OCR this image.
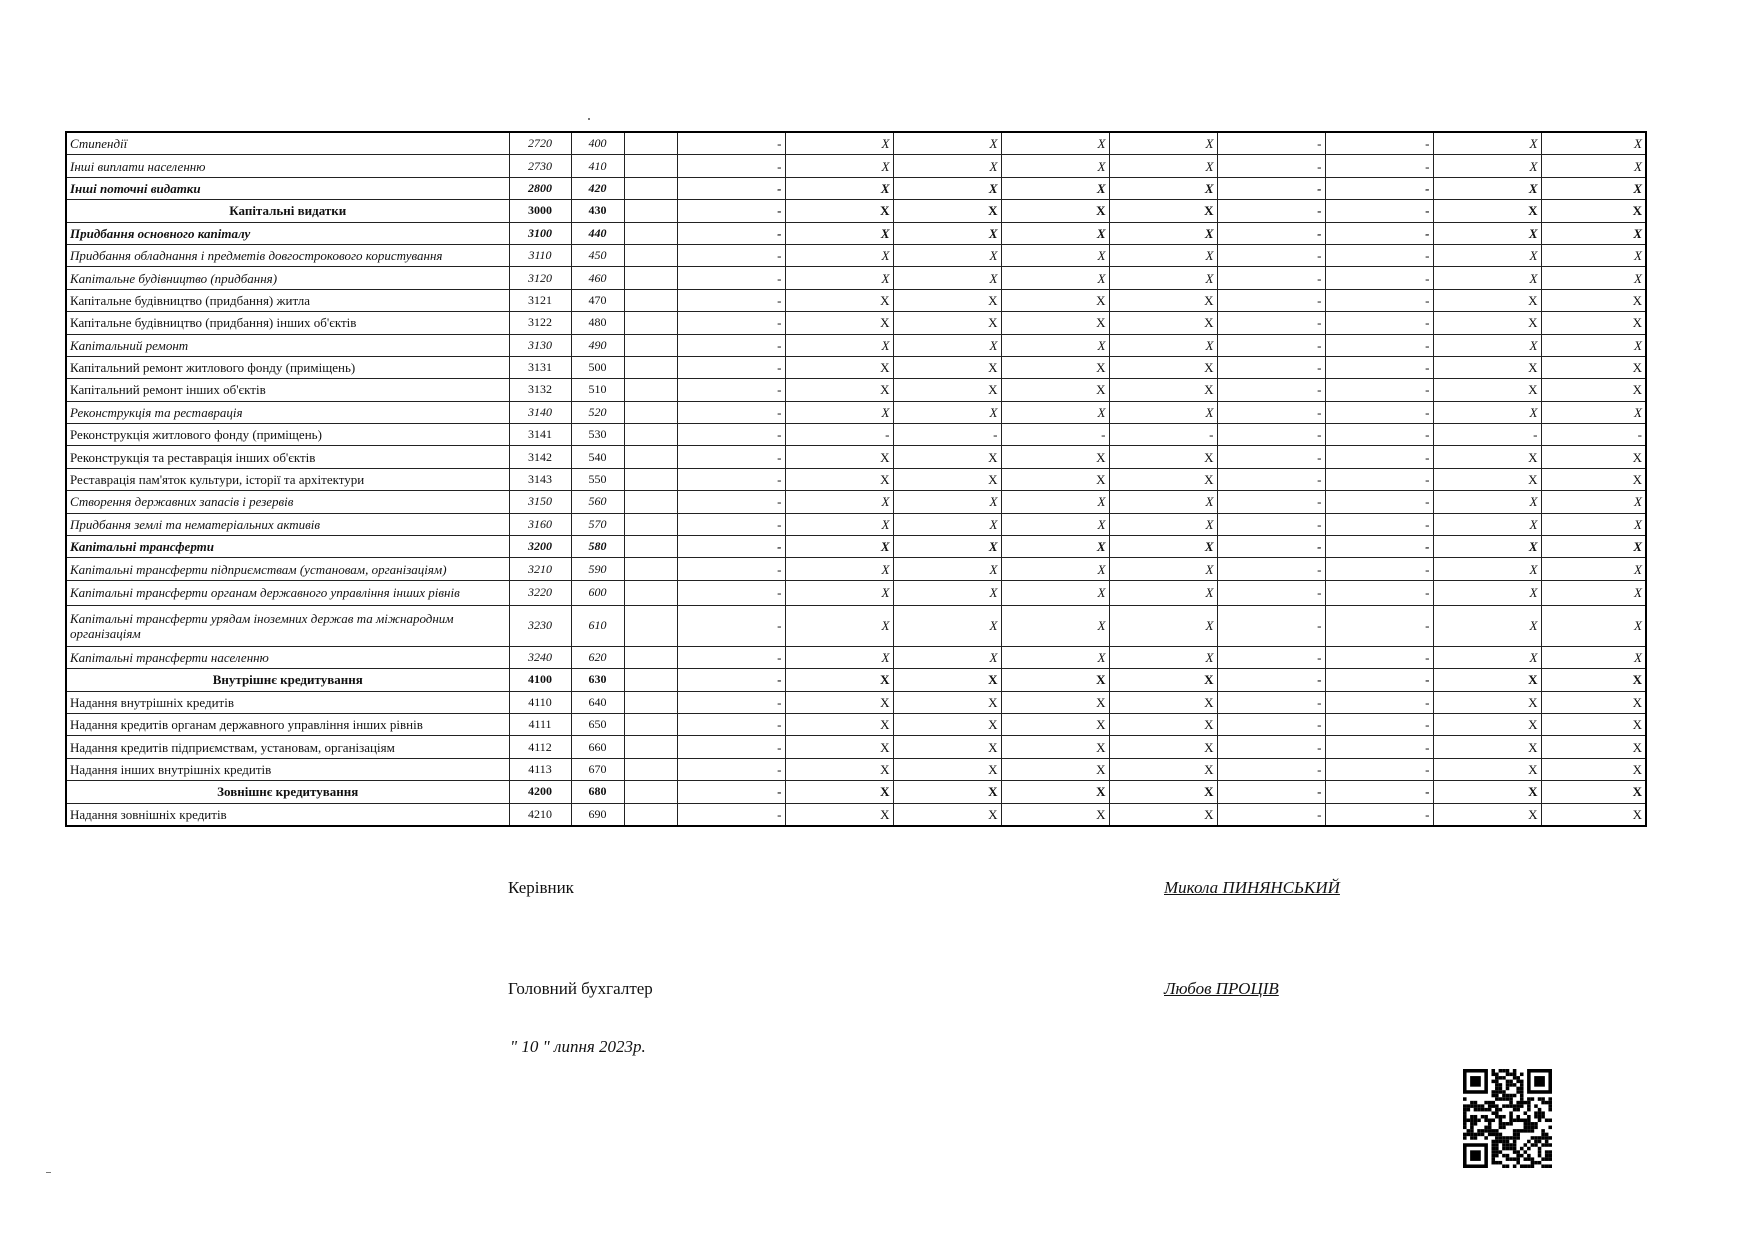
Стипендії	2720	400		-	X	X	X	X	-	-	X	X
Інші виплати населенню	2730	410		-	X	X	X	X	-	-	X	X
Інші поточні видатки	2800	420		-	X	X	X	X	-	-	X	X
Капітальні видатки	3000	430		-	X	X	X	X	-	-	X	X
Придбання основного капіталу	3100	440		-	X	X	X	X	-	-	X	X
Придбання обладнання і предметів довгострокового користування	3110	450		-	X	X	X	X	-	-	X	X
Капітальне будівництво (придбання)	3120	460		-	X	X	X	X	-	-	X	X
Капітальне будівництво (придбання) житла	3121	470		-	X	X	X	X	-	-	X	X
Капітальне будівництво (придбання) інших об'єктів	3122	480		-	X	X	X	X	-	-	X	X
Капітальний ремонт	3130	490		-	X	X	X	X	-	-	X	X
Капітальний ремонт житлового фонду (приміщень)	3131	500		-	X	X	X	X	-	-	X	X
Капітальний ремонт інших об'єктів	3132	510		-	X	X	X	X	-	-	X	X
Реконструкція та реставрація	3140	520		-	X	X	X	X	-	-	X	X
Реконструкція житлового фонду (приміщень)	3141	530		-	-	-	-	-	-	-	-	-
Реконструкція та реставрація інших об'єктів	3142	540		-	X	X	X	X	-	-	X	X
Реставрація пам'яток культури, історії та архітектури	3143	550		-	X	X	X	X	-	-	X	X
Створення державних запасів і резервів	3150	560		-	X	X	X	X	-	-	X	X
Придбання землі та нематеріальних активів	3160	570		-	X	X	X	X	-	-	X	X
Капітальні трансферти	3200	580		-	X	X	X	X	-	-	X	X
Капітальні трансферти підприємствам (установам, організаціям)	3210	590		-	X	X	X	X	-	-	X	X
Капітальні трансферти органам державного управління інших рівнів	3220	600		-	X	X	X	X	-	-	X	X
Капітальні трансферти урядам іноземних держав та міжнародним організаціям	3230	610		-	X	X	X	X	-	-	X	X
Капітальні трансферти населенню	3240	620		-	X	X	X	X	-	-	X	X
Внутрішнє кредитування	4100	630		-	X	X	X	X	-	-	X	X
Надання внутрішніх кредитів	4110	640		-	X	X	X	X	-	-	X	X
Надання кредитів органам державного управління інших рівнів	4111	650		-	X	X	X	X	-	-	X	X
Надання кредитів підприємствам, установам, організаціям	4112	660		-	X	X	X	X	-	-	X	X
Надання інших внутрішніх кредитів	4113	670		-	X	X	X	X	-	-	X	X
Зовнішнє кредитування	4200	680		-	X	X	X	X	-	-	X	X
Надання зовнішніх кредитів	4210	690		-	X	X	X	X	-	-	X	X
Керівник	Микола ПИНЯНСЬКИЙ
Головний бухгалтер	Любов ПРОЦІВ
" 10 " липня 2023р.
